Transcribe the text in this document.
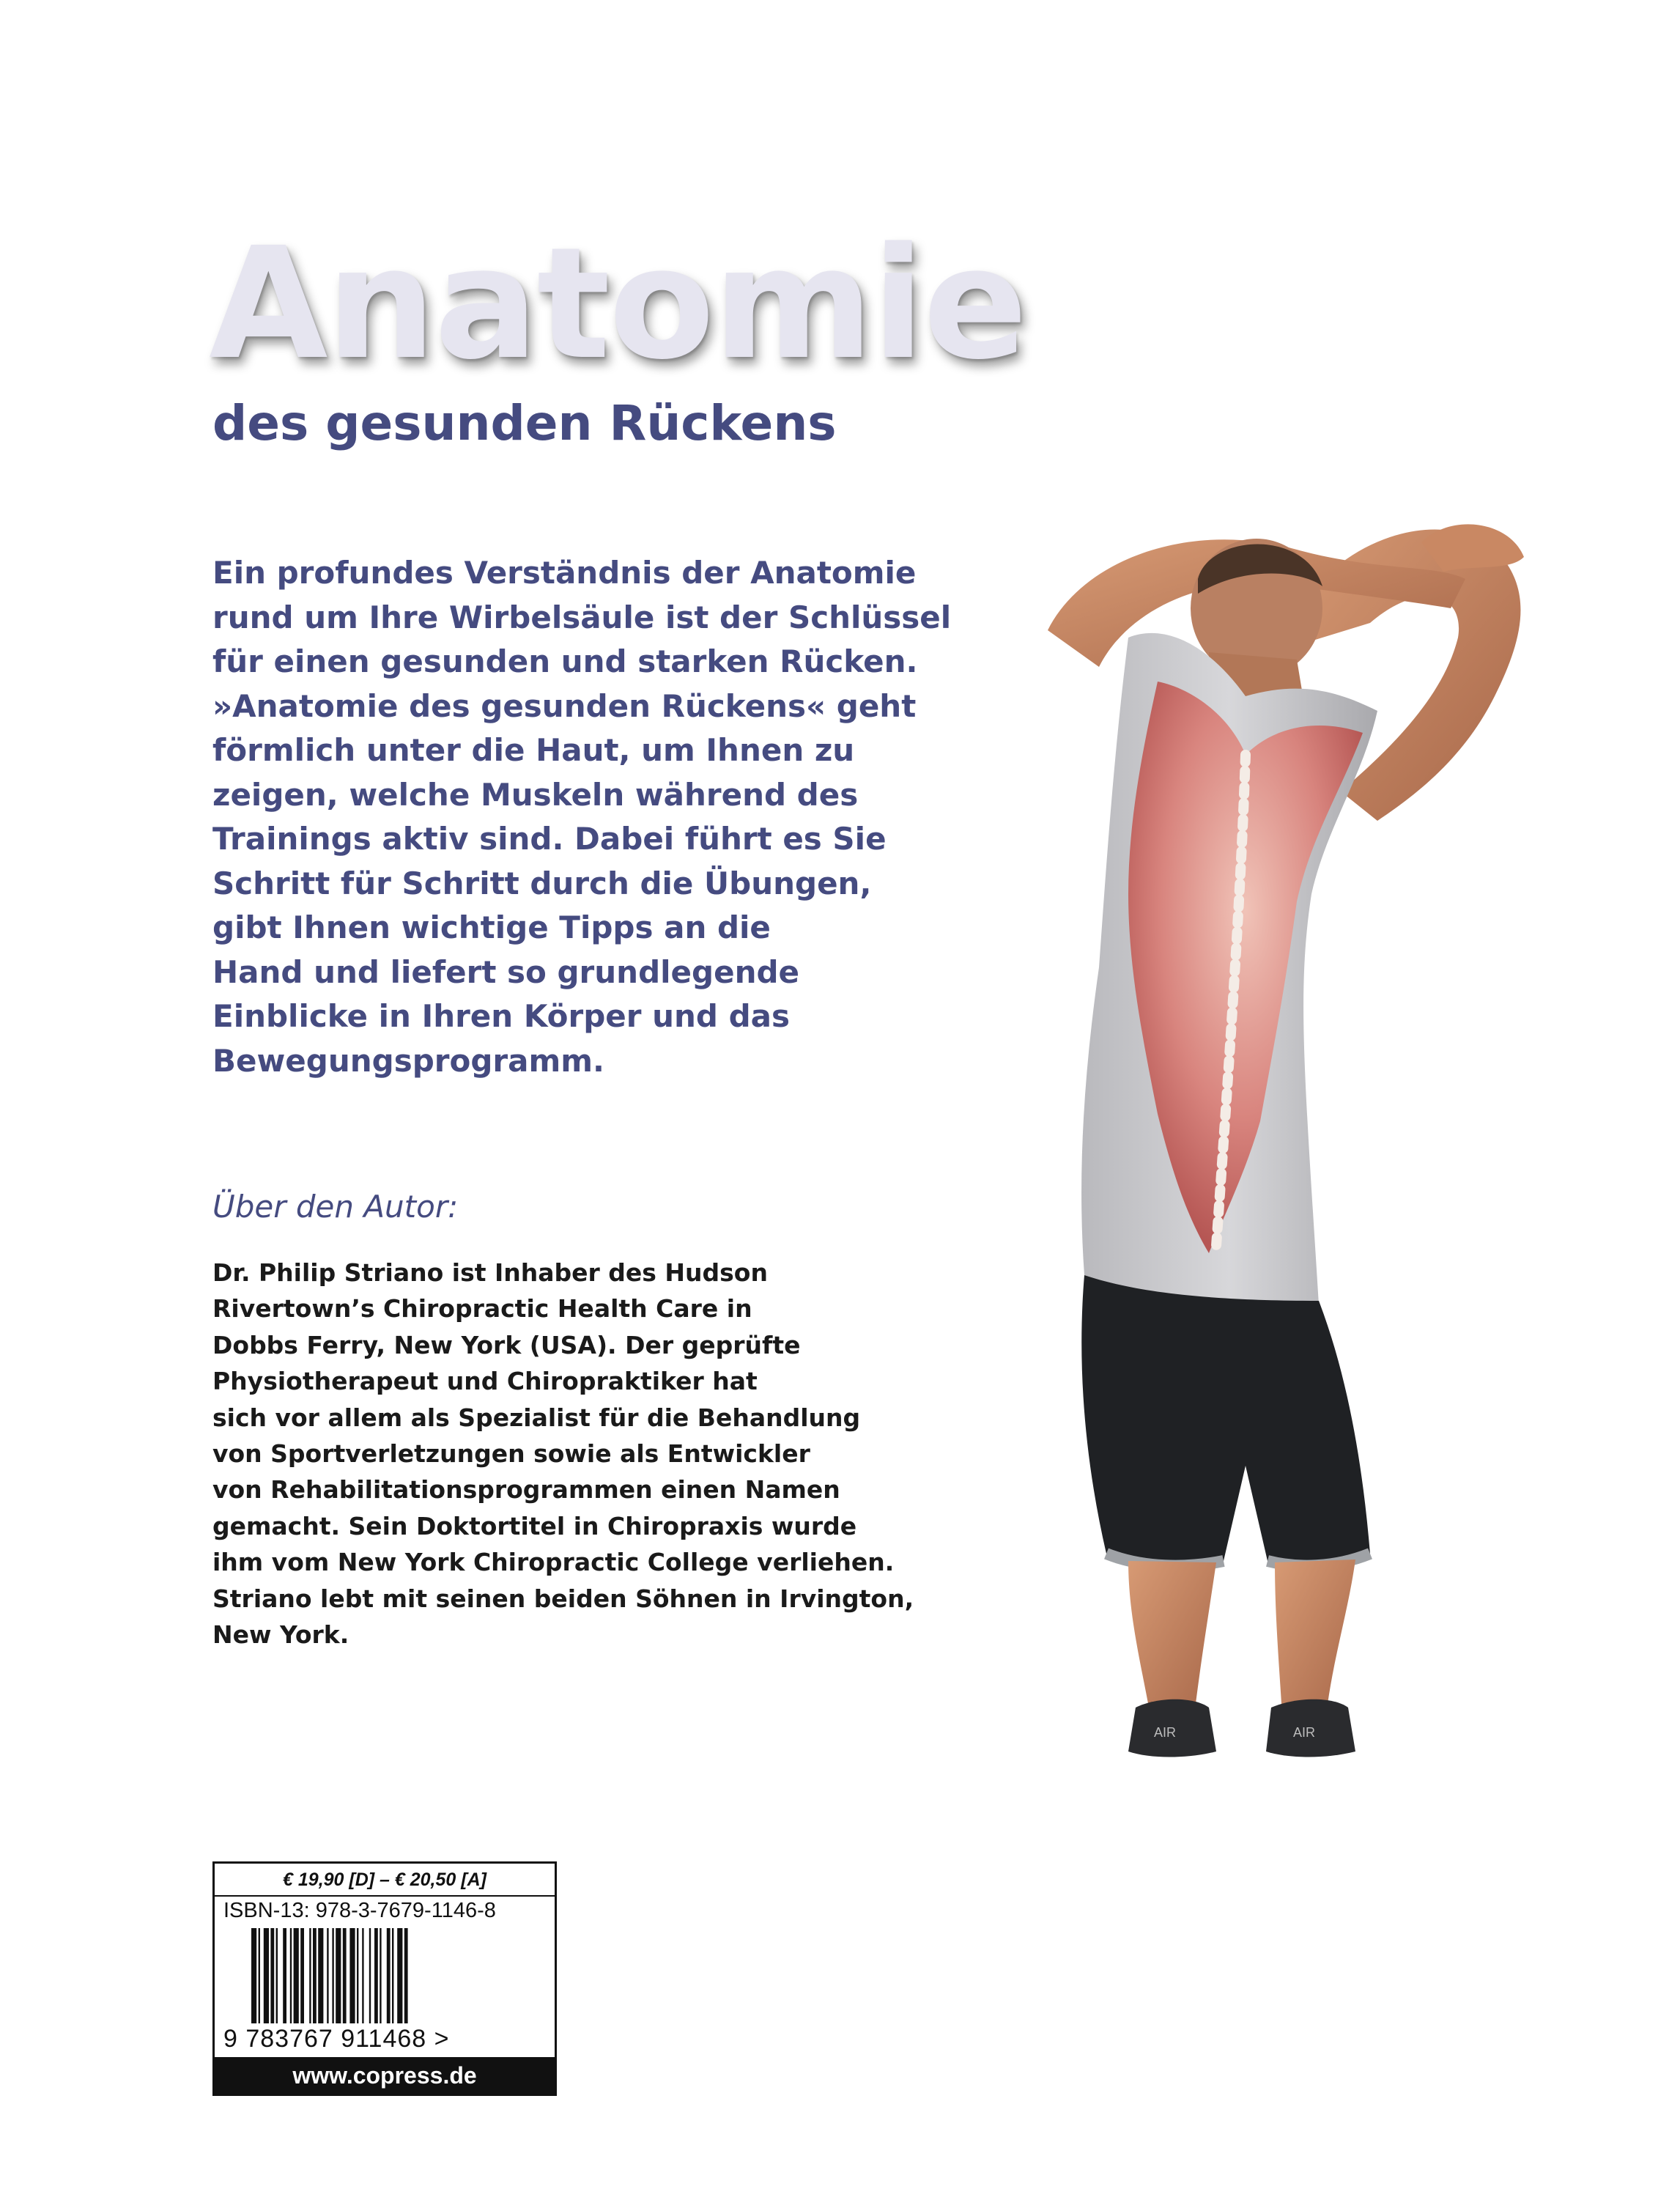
Anatomie
des gesunden Rückens
Ein profundes Verständnis der Anatomie
rund um Ihre Wirbelsäule ist der Schlüssel
für einen gesunden und starken Rücken.
»Anatomie des gesunden Rückens« geht
förmlich unter die Haut, um Ihnen zu
zeigen, welche Muskeln während des
Trainings aktiv sind. Dabei führt es Sie
Schritt für Schritt durch die Übungen,
gibt Ihnen wichtige Tipps an die
Hand und liefert so grundlegende
Einblicke in Ihren Körper und das
Bewegungsprogramm.
Über den Autor:
Dr. Philip Striano ist Inhaber des Hudson
Rivertown’s Chiropractic Health Care in
Dobbs Ferry, New York (USA). Der geprüfte
Physiotherapeut und Chiropraktiker hat
sich vor allem als Spezialist für die Behandlung
von Sportverletzungen sowie als Entwickler
von Rehabilitationsprogrammen einen Namen
gemacht. Sein Doktortitel in Chiropraxis wurde
ihm vom New York Chiropractic College verliehen.
Striano lebt mit seinen beiden Söhnen in Irvington,
New York.
AIR	AIR
€ 19,90 [D] – € 20,50 [A]
ISBN-13: 978-3-7679-1146-8
9 783767 911468 >
www.copress.de
